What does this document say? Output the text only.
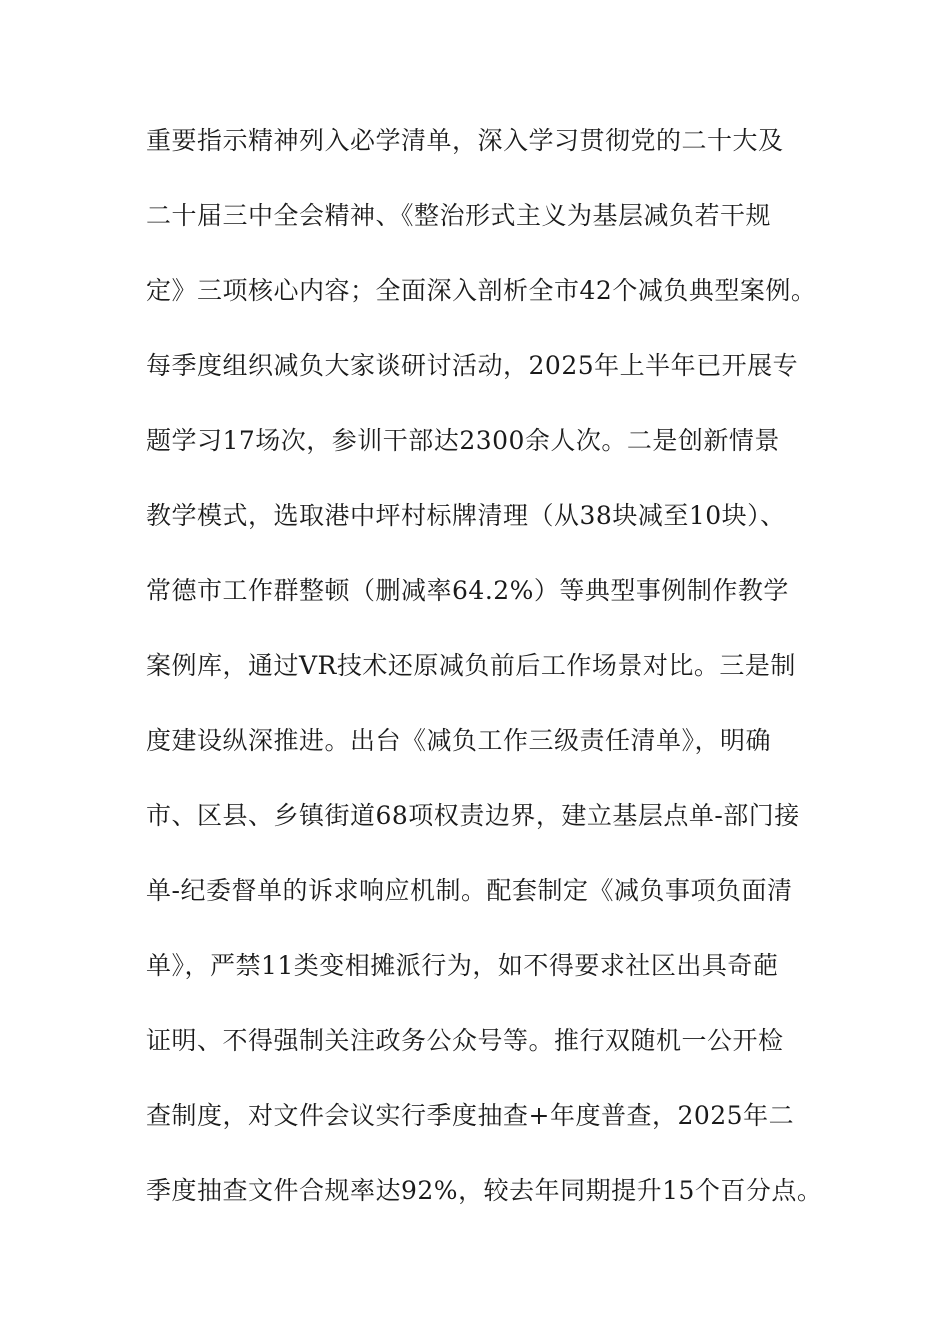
重要指示精神列入必学清单，深入学习贯彻党的二十大及
二十届三中全会精神、《整治形式主义为基层减负若干规
定》三项核心内容；全面深入剖析全市42个减负典型案例。
每季度组织减负大家谈研讨活动，2025年上半年已开展专
题学习17场次，参训干部达2300余人次。二是创新情景
教学模式，选取港中坪村标牌清理（从38块减至10块）、
常德市工作群整顿（删减率64.2%）等典型事例制作教学
案例库，通过VR技术还原减负前后工作场景对比。三是制
度建设纵深推进。出台《减负工作三级责任清单》，明确
市、区县、乡镇街道68项权责边界，建立基层点单-部门接
单-纪委督单的诉求响应机制。配套制定《减负事项负面清
单》，严禁11类变相摊派行为，如不得要求社区出具奇葩
证明、不得强制关注政务公众号等。推行双随机一公开检
查制度，对文件会议实行季度抽查+年度普查，2025年二
季度抽查文件合规率达92%，较去年同期提升15个百分点。
